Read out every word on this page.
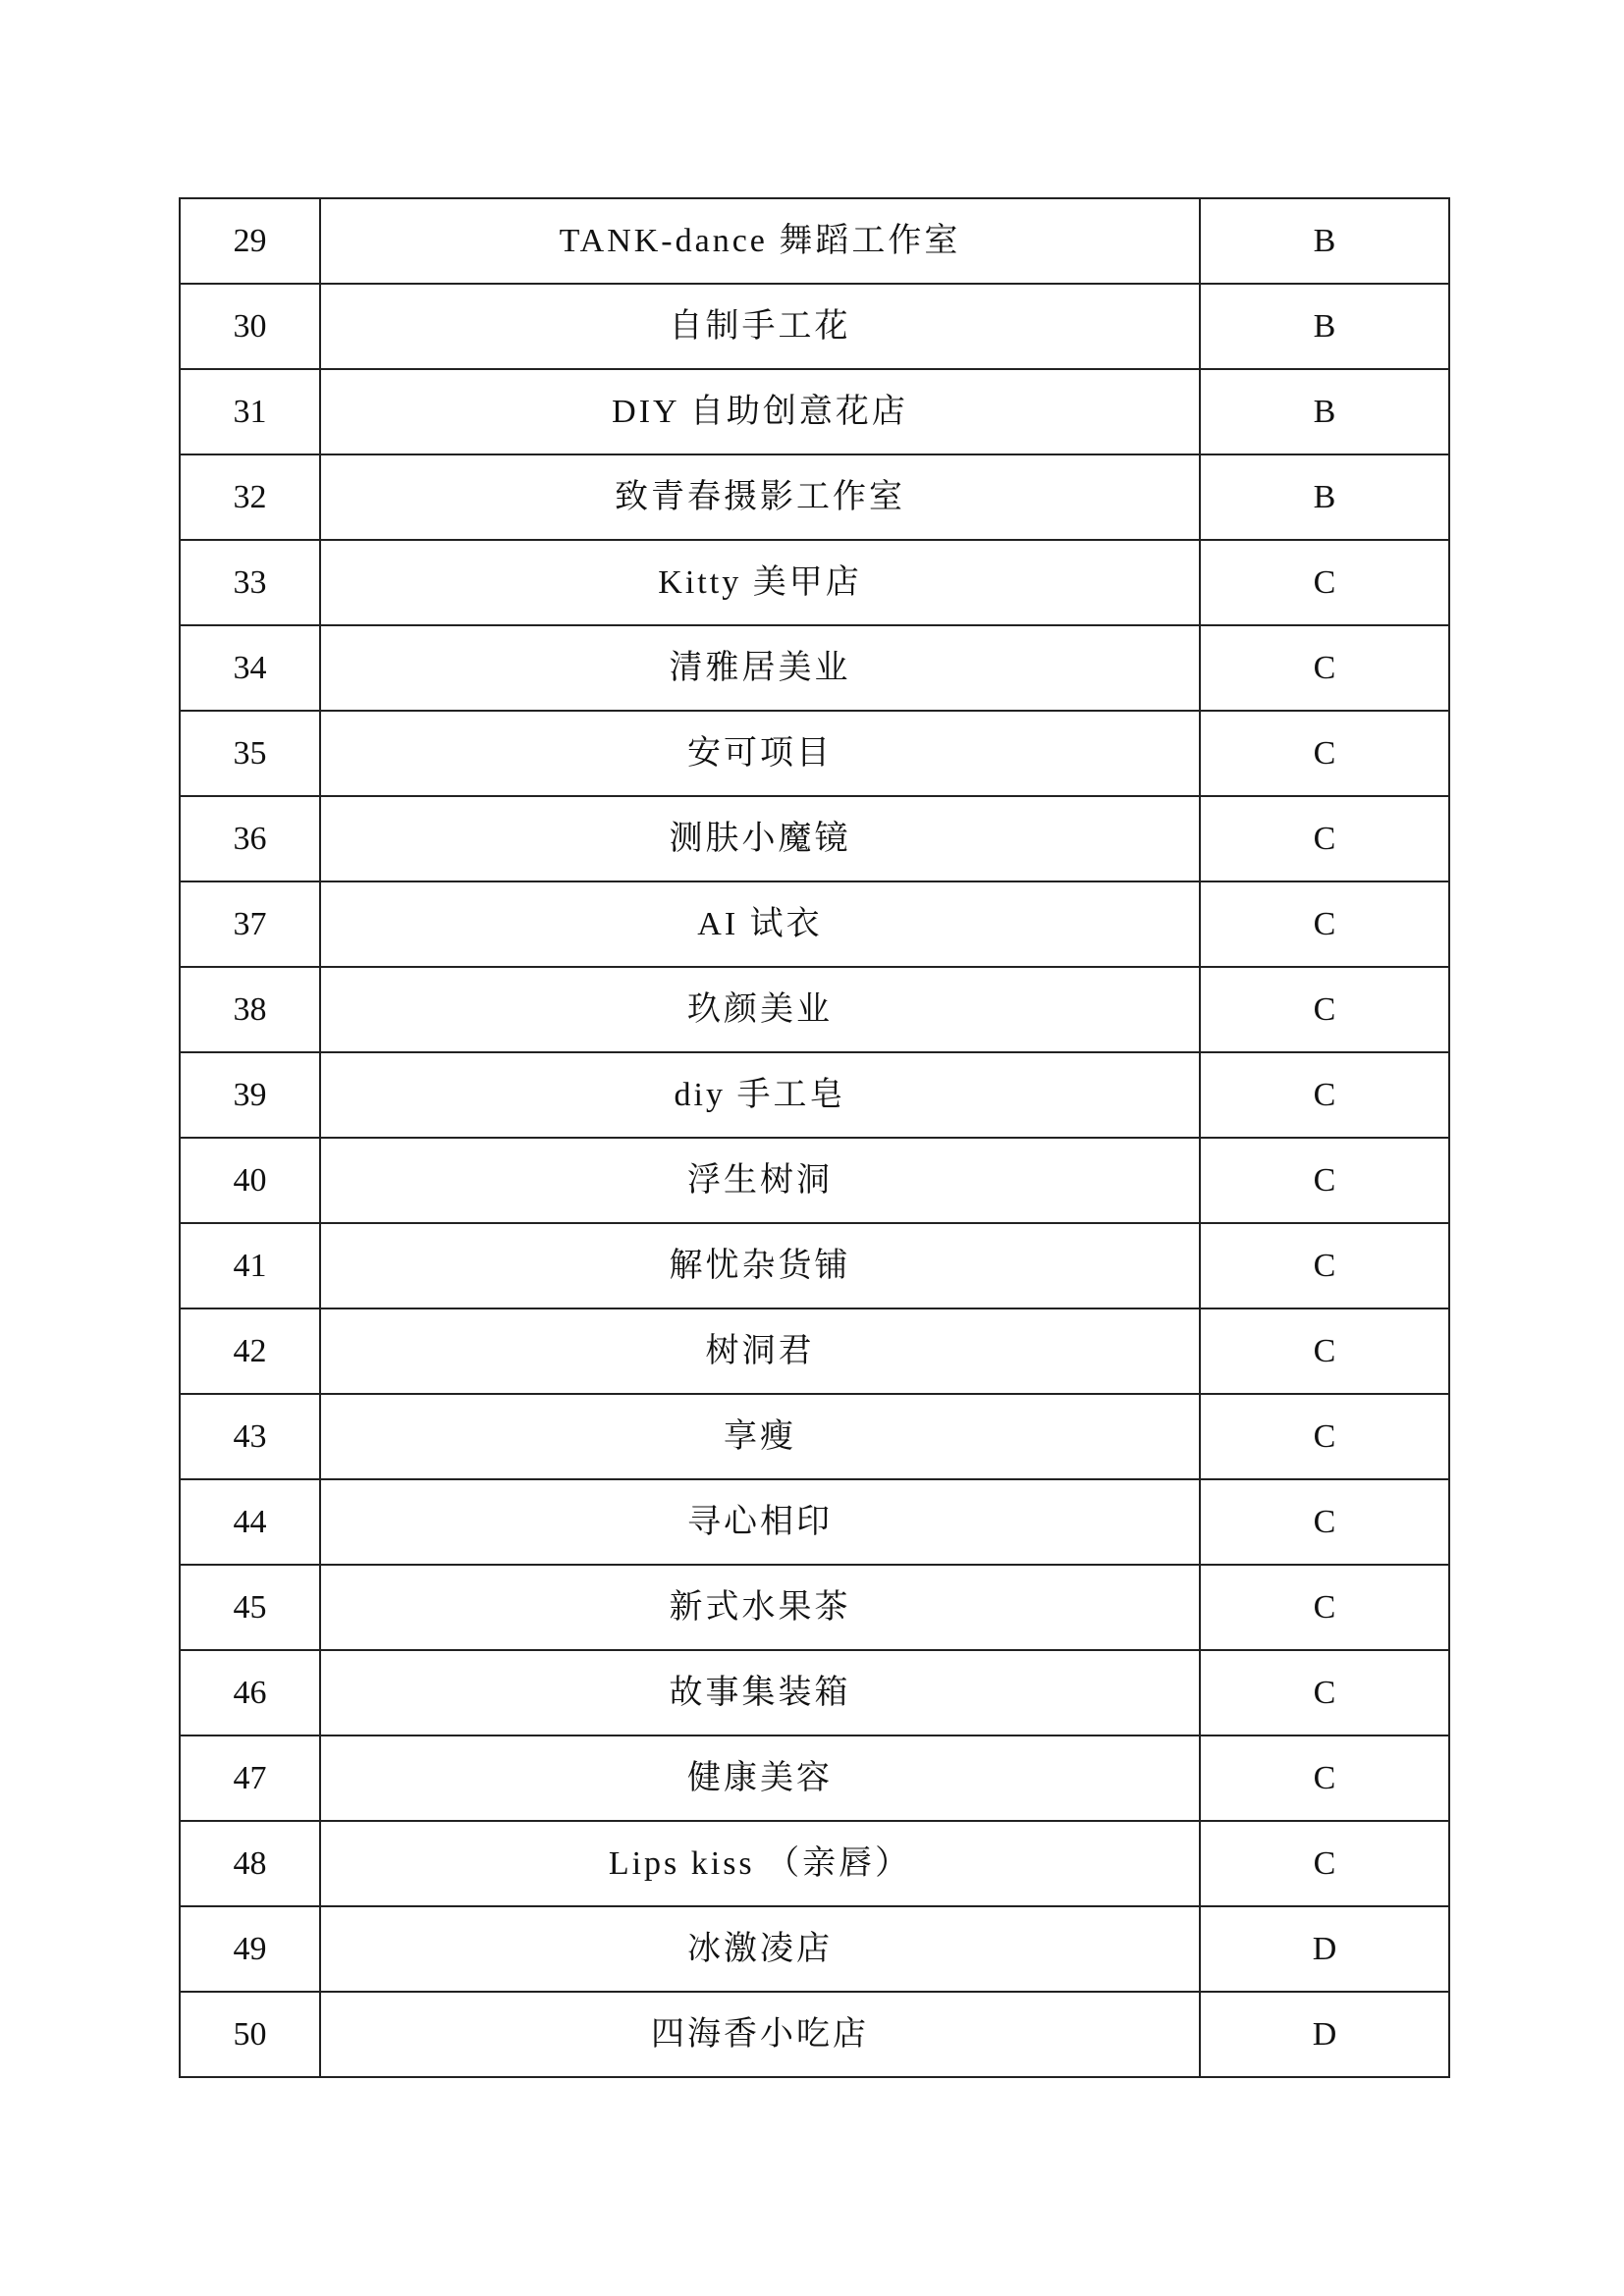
29	TANK-dance 舞蹈工作室	B
30	自制手工花	B
31	DIY 自助创意花店	B
32	致青春摄影工作室	B
33	Kitty 美甲店	C
34	清雅居美业	C
35	安可项目	C
36	测肤小魔镜	C
37	AI 试衣	C
38	玖颜美业	C
39	diy 手工皂	C
40	浮生树洞	C
41	解忧杂货铺	C
42	树洞君	C
43	享瘦	C
44	寻心相印	C
45	新式水果茶	C
46	故事集装箱	C
47	健康美容	C
48	Lips kiss （亲唇）	C
49	冰激凌店	D
50	四海香小吃店	D
